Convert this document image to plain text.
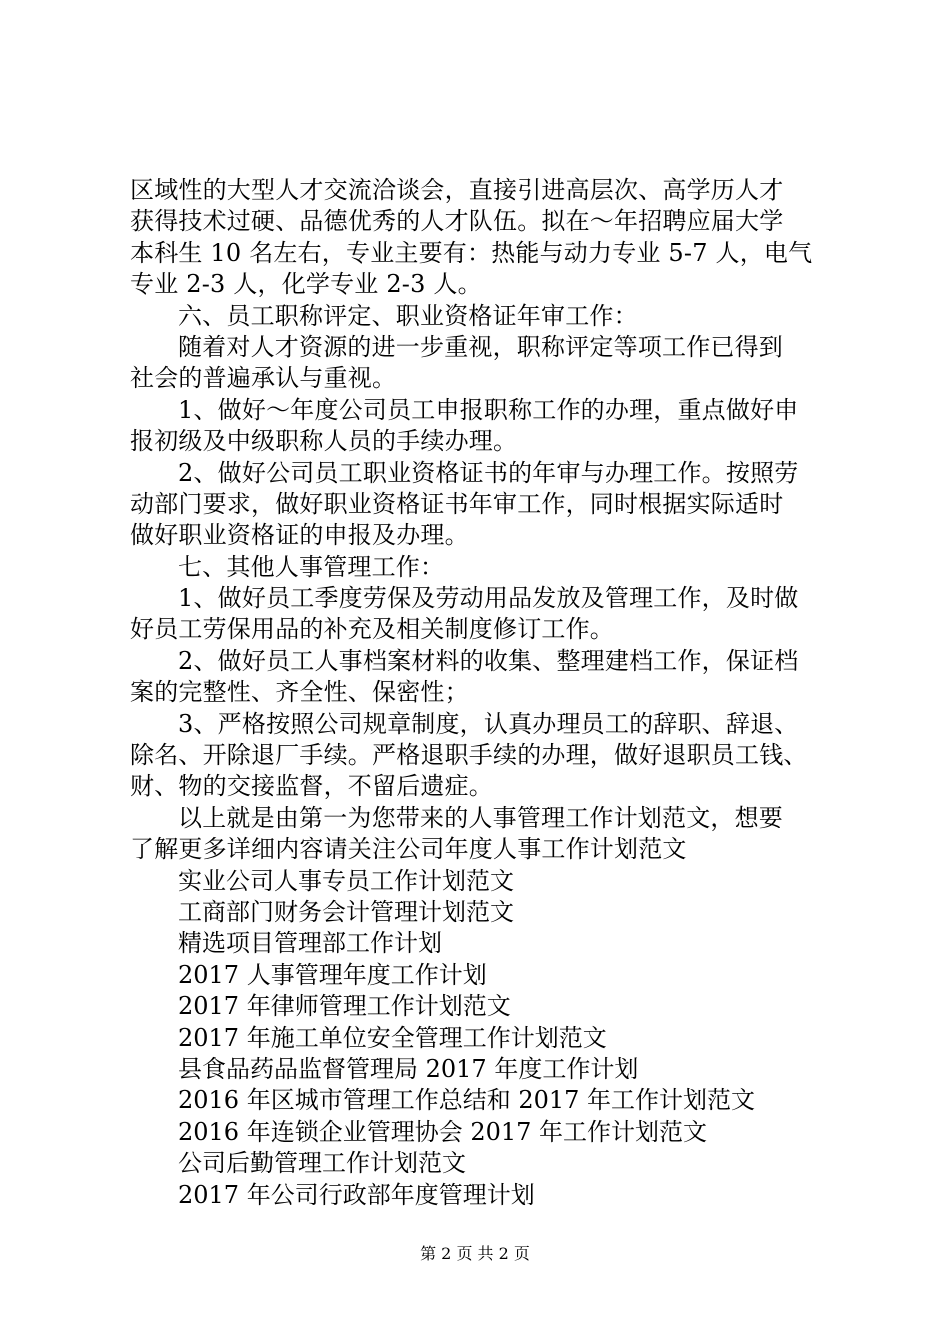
区域性的大型人才交流洽谈会，直接引进高层次、高学历人才
获得技术过硬、品德优秀的人才队伍。拟在～年招聘应届大学
本科生 10 名左右，专业主要有：热能与动力专业 5-7 人，电气
专业 2-3 人，化学专业 2-3 人。
六、员工职称评定、职业资格证年审工作：
随着对人才资源的进一步重视，职称评定等项工作已得到
社会的普遍承认与重视。
1、做好～年度公司员工申报职称工作的办理，重点做好申
报初级及中级职称人员的手续办理。
2、做好公司员工职业资格证书的年审与办理工作。按照劳
动部门要求，做好职业资格证书年审工作，同时根据实际适时
做好职业资格证的申报及办理。
七、其他人事管理工作：
1、做好员工季度劳保及劳动用品发放及管理工作，及时做
好员工劳保用品的补充及相关制度修订工作。
2、做好员工人事档案材料的收集、整理建档工作，保证档
案的完整性、齐全性、保密性；
3、严格按照公司规章制度，认真办理员工的辞职、辞退、
除名、开除退厂手续。严格退职手续的办理，做好退职员工钱、
财、物的交接监督，不留后遗症。
以上就是由第一为您带来的人事管理工作计划范文，想要
了解更多详细内容请关注公司年度人事工作计划范文
实业公司人事专员工作计划范文
工商部门财务会计管理计划范文
精选项目管理部工作计划
2017 人事管理年度工作计划
2017 年律师管理工作计划范文
2017 年施工单位安全管理工作计划范文
县食品药品监督管理局 2017 年度工作计划
2016 年区城市管理工作总结和 2017 年工作计划范文
2016 年连锁企业管理协会 2017 年工作计划范文
公司后勤管理工作计划范文
2017 年公司行政部年度管理计划
第 2 页 共 2 页
